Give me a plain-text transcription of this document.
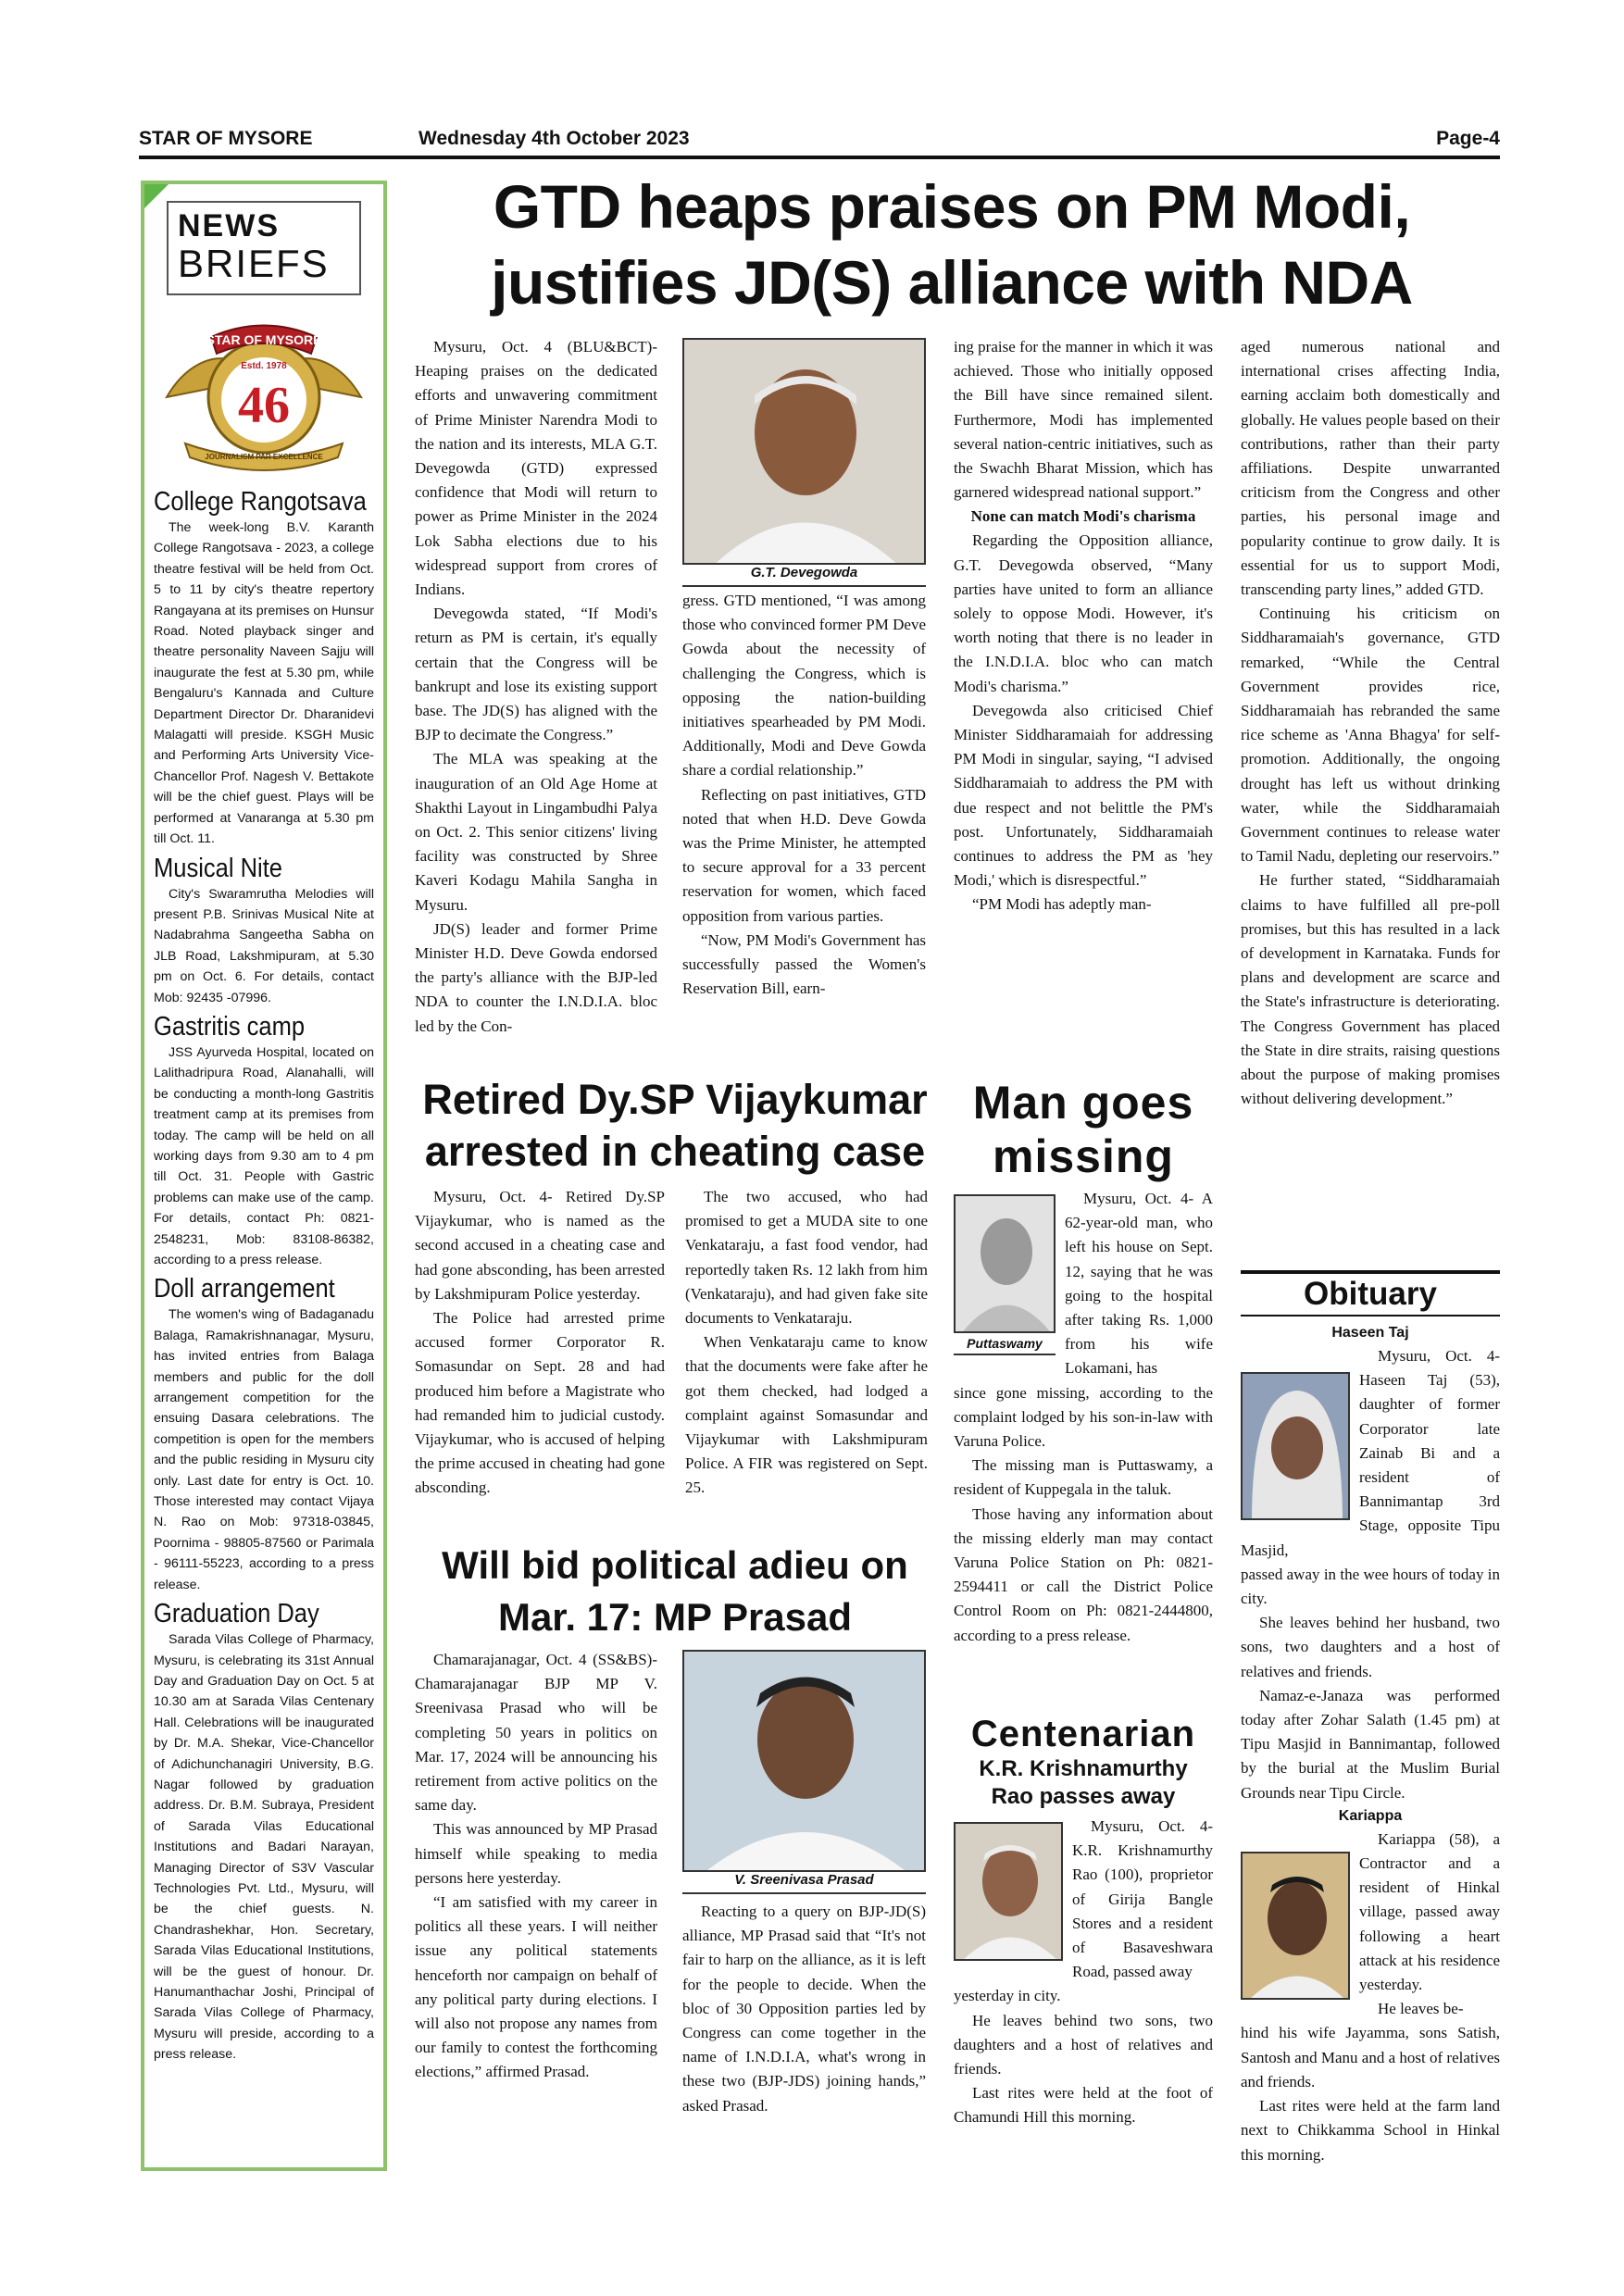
STAR OF MYSORE	Wednesday 4th October 2023	Page-4
NEWS
BRIEFS
STAR OF MYSORE
Estd. 1978
46
JOURNALISM PAR EXCELLENCE
College Rangotsava

The week-long B.V. Karanth College Rangotsava - 2023, a college theatre festival will be held from Oct. 5 to 11 by city's theatre repertory Rangayana at its premises on Hunsur Road. Noted playback singer and theatre personality Naveen Sajju will inaugurate the fest at 5.30 pm, while Bengaluru's Kannada and Culture Department Director Dr. Dharanidevi Malagatti will preside. KSGH Music and Performing Arts University Vice-Chancellor Prof. Nagesh V. Bettakote will be the chief guest. Plays will be performed at Vanaranga at 5.30 pm till Oct. 11.

Musical Nite

City's Swaramrutha Melodies will present P.B. Srinivas Musical Nite at Nadabrahma Sangeetha Sabha on JLB Road, Lakshmipuram, at 5.30 pm on Oct. 6. For details, contact Mob: 92435 -07996.

Gastritis camp

JSS Ayurveda Hospital, located on Lalithadripura Road, Alanahalli, will be conducting a month-long Gastritis treatment camp at its premises from today. The camp will be held on all working days from 9.30 am to 4 pm till Oct. 31. People with Gastric problems can make use of the camp. For details, contact Ph: 0821- 2548231, Mob: 83108-86382, according to a press release.

Doll arrangement

The women's wing of Badaganadu Balaga, Ramakrishnanagar, Mysuru, has invited entries from Balaga members and public for the doll arrangement competition for the ensuing Dasara celebrations. The competition is open for the members and the public residing in Mysuru city only. Last date for entry is Oct. 10. Those interested may contact Vijaya N. Rao on Mob: 97318-03845, Poornima - 98805-87560 or Parimala - 96111-55223, according to a press release.

Graduation Day

Sarada Vilas College of Pharmacy, Mysuru, is celebrating its 31st Annual Day and Graduation Day on Oct. 5 at 10.30 am at Sarada Vilas Centenary Hall. Celebrations will be inaugurated by Dr. M.A. Shekar, Vice-Chancellor of Adichunchanagiri University, B.G. Nagar followed by graduation address. Dr. B.M. Subraya, President of Sarada Vilas Educational Institutions and Badari Narayan, Managing Director of S3V Vascular Technologies Pvt. Ltd., Mysuru, will be the chief guests. N. Chandrashekhar, Hon. Secretary, Sarada Vilas Educational Institutions, will be the guest of honour. Dr. Hanumanthachar Joshi, Principal of Sarada Vilas College of Pharmacy, Mysuru will preside, according to a press release.

GTD heaps praises on PM Modi,
justifies JD(S) alliance with NDA

Mysuru, Oct. 4 (BLU&BCT)- Heaping praises on the dedicated efforts and unwavering commitment of Prime Minister Narendra Modi to the nation and its interests, MLA G.T. Devegowda (GTD) expressed confidence that Modi will return to power as Prime Minister in the 2024 Lok Sabha elections due to his widespread support from crores of Indians.

Devegowda stated, “If Modi's return as PM is certain, it's equally certain that the Congress will be bankrupt and lose its existing support base. The JD(S) has aligned with the BJP to decimate the Congress.”

The MLA was speaking at the inauguration of an Old Age Home at Shakthi Layout in Lingambudhi Palya on Oct. 2. This senior citizens' living facility was constructed by Shree Kaveri Kodagu Mahila Sangha in Mysuru.

JD(S) leader and former Prime Minister H.D. Deve Gowda endorsed the party's alliance with the BJP-led NDA to counter the I.N.D.I.A. bloc led by the Con-

G.T. Devegowda

gress. GTD mentioned, “I was among those who convinced former PM Deve Gowda about the necessity of challenging the Congress, which is opposing the nation-building initiatives spearheaded by PM Modi. Additionally, Modi and Deve Gowda share a cordial relationship.”

Reflecting on past initiatives, GTD noted that when H.D. Deve Gowda was the Prime Minister, he attempted to secure approval for a 33 percent reservation for women, which faced opposition from various parties.

“Now, PM Modi's Government has successfully passed the Women's Reservation Bill, earn-

ing praise for the manner in which it was achieved. Those who initially opposed the Bill have since remained silent. Furthermore, Modi has implemented several nation-centric initiatives, such as the Swachh Bharat Mission, which has garnered widespread national support.”

None can match Modi's charisma

Regarding the Opposition alliance, G.T. Devegowda observed, “Many parties have united to form an alliance solely to oppose Modi. However, it's worth noting that there is no leader in the I.N.D.I.A. bloc who can match Modi's charisma.”

Devegowda also criticised Chief Minister Siddharamaiah for addressing PM Modi in singular, saying, “I advised Siddharamaiah to address the PM with due respect and not belittle the PM's post. Unfortunately, Siddharamaiah continues to address the PM as 'hey Modi,' which is disrespectful.”

“PM Modi has adeptly man-

aged numerous national and international crises affecting India, earning acclaim both domestically and globally. He values people based on their contributions, rather than their party affiliations. Despite unwarranted criticism from the Congress and other parties, his personal image and popularity continue to grow daily. It is essential for us to support Modi, transcending party lines,” added GTD.

Continuing his criticism on Siddharamaiah's governance, GTD remarked, “While the Central Government provides rice, Siddharamaiah has rebranded the same rice scheme as 'Anna Bhagya' for self-promotion. Additionally, the ongoing drought has left us without drinking water, while the Siddharamaiah Government continues to release water to Tamil Nadu, depleting our reservoirs.”

He further stated, “Siddharamaiah claims to have fulfilled all pre-poll promises, but this has resulted in a lack of development in Karnataka. Funds for plans and development are scarce and the State's infrastructure is deteriorating. The Congress Government has placed the State in dire straits, raising questions about the purpose of making promises without delivering development.”

Retired Dy.SP Vijaykumar
arrested in cheating case

Mysuru, Oct. 4- Retired Dy.SP Vijaykumar, who is named as the second accused in a cheating case and had gone absconding, has been arrested by Lakshmipuram Police yesterday.

The Police had arrested prime accused former Corporator R. Somasundar on Sept. 28 and had produced him before a Magistrate who had remanded him to judicial custody. Vijaykumar, who is accused of helping the prime accused in cheating had gone absconding.

The two accused, who had promised to get a MUDA site to one Venkataraju, a fast food vendor, had reportedly taken Rs. 12 lakh from him (Venkataraju), and had given fake site documents to Venkataraju.

When Venkataraju came to know that the documents were fake after he got them checked, had lodged a complaint against Somasundar and Vijaykumar with Lakshmipuram Police. A FIR was registered on Sept. 25.

Man goes
missing
Puttaswamy

Mysuru, Oct. 4- A 62-year-old man, who left his house on Sept. 12, saying that he was going to the hospital after taking Rs. 1,000 from his wife Lokamani, has

since gone missing, according to the complaint lodged by his son-in-law with Varuna Police.

The missing man is Puttaswamy, a resident of Kuppegala in the taluk.

Those having any information about the missing elderly man may contact Varuna Police Station on Ph: 0821-2594411 or call the District Police Control Room on Ph: 0821-2444800, according to a press release.

Will bid political adieu on
Mar. 17: MP Prasad

Chamarajanagar, Oct. 4 (SS&BS)- Chamarajanagar BJP MP V. Sreenivasa Prasad who will be completing 50 years in politics on Mar. 17, 2024 will be announcing his retirement from active politics on the same day.

This was announced by MP Prasad himself while speaking to media persons here yesterday.

“I am satisfied with my career in politics all these years. I will neither issue any political statements henceforth nor campaign on behalf of any political party during elections. I will also not propose any names from our family to contest the forthcoming elections,” affirmed Prasad.

V. Sreenivasa Prasad

Reacting to a query on BJP-JD(S) alliance, MP Prasad said that “It's not fair to harp on the alliance, as it is left for the people to decide. When the bloc of 30 Opposition parties led by Congress can come together in the name of I.N.D.I.A, what's wrong in these two (BJP-JDS) joining hands,” asked Prasad.

Centenarian
K.R. Krishnamurthy
Rao passes away

Mysuru, Oct. 4- K.R. Krishnamurthy Rao (100), proprietor of Girija Bangle Stores and a resident of Basaveshwara Road, passed away

yesterday in city.

He leaves behind two sons, two daughters and a host of relatives and friends.

Last rites were held at the foot of Chamundi Hill this morning.

Obituary
Haseen Taj

Mysuru, Oct. 4- Haseen Taj (53), daughter of former Corporator late Zainab Bi and a resident of Bannimantap 3rd Stage, opposite Tipu Masjid,

passed away in the wee hours of today in city.

She leaves behind her husband, two sons, two daughters and a host of relatives and friends.

Namaz-e-Janaza was performed today after Zohar Salath (1.45 pm) at Tipu Masjid in Bannimantap, followed by the burial at the Muslim Burial Grounds near Tipu Circle.

Kariappa

Kariappa (58), a Contractor and a resident of Hinkal village, passed away following a heart attack at his residence yesterday.

He leaves be-

hind his wife Jayamma, sons Satish, Santosh and Manu and a host of relatives and friends.

Last rites were held at the farm land next to Chikkamma School in Hinkal this morning.
